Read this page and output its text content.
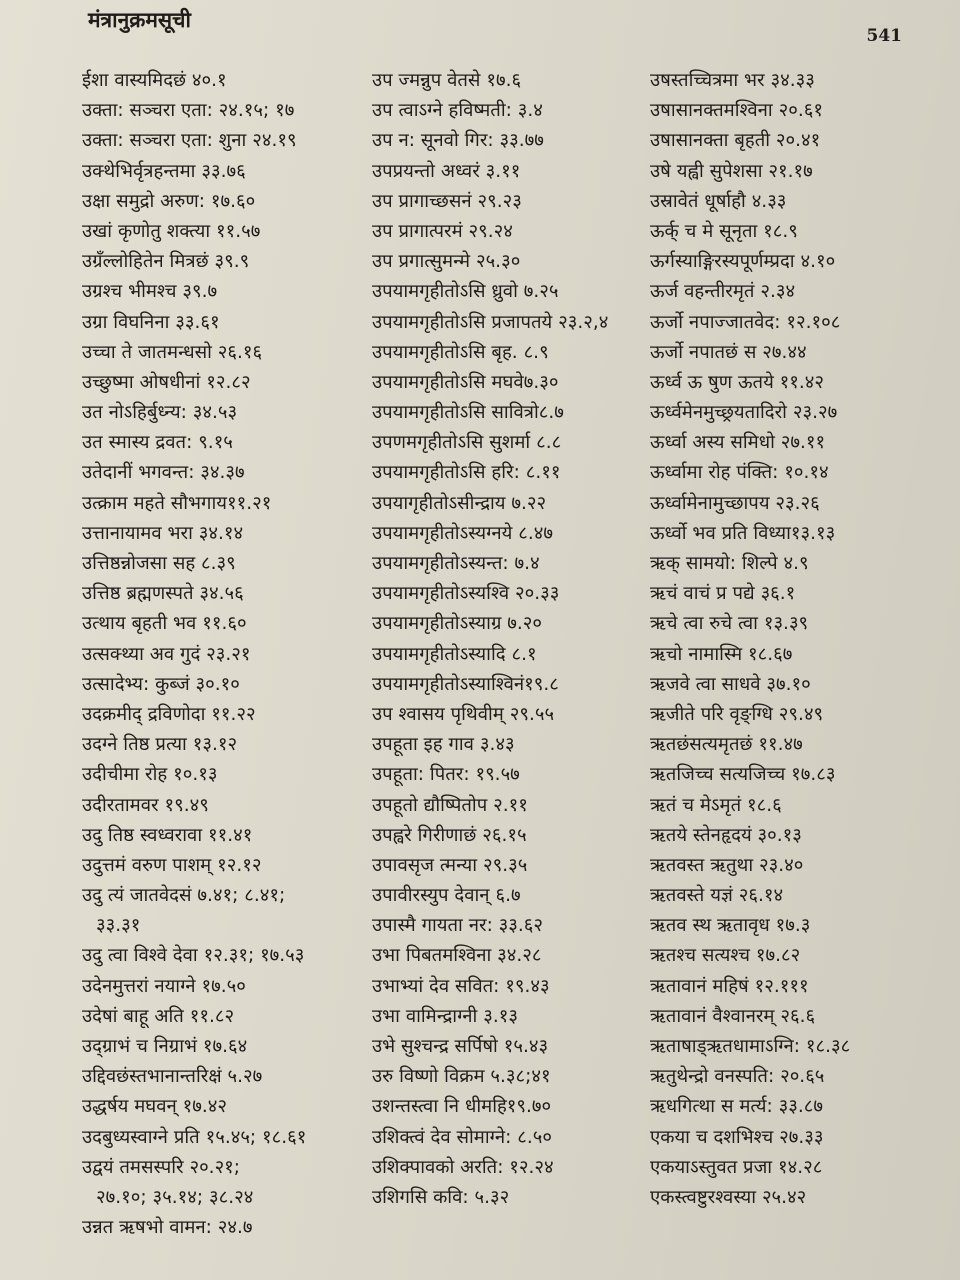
मंत्रानुक्रमसूची
541
ईशा वास्यमिदछं ४०.१
उक्ता: सञ्चरा एता: २४.१५; १७
उक्ता: सञ्चरा एता: शुना २४.१९
उक्थेभिर्वृत्रहन्तमा ३३.७६
उक्षा समुद्रो अरुण: १७.६०
उखां कृणोतु शक्त्या ११.५७
उग्रँल्लोहितेन मित्रछं ३९.९
उग्रश्च भीमश्च ३९.७
उग्रा विघनिना ३३.६१
उच्चा ते जातमन्धसो २६.१६
उच्छुष्मा ओषधीनां १२.८२
उत नोऽहिर्बुध्न्य: ३४.५३
उत स्मास्य द्रवत: ९.१५
उतेदानीं भगवन्त: ३४.३७
उत्क्राम महते सौभगाय११.२१
उत्तानायामव भरा ३४.१४
उत्तिष्ठन्नोजसा सह ८.३९
उत्तिष्ठ ब्रह्मणस्पते ३४.५६
उत्थाय बृहती भव ११.६०
उत्सक्थ्या अव गुदं २३.२१
उत्सादेभ्य: कुब्जं ३०.१०
उदक्रमीद् द्रविणोदा ११.२२
उदग्ने तिष्ठ प्रत्या १३.१२
उदीचीमा रोह १०.१३
उदीरतामवर १९.४९
उदु तिष्ठ स्वध्वरावा ११.४१
उदुत्तमं वरुण पाशम् १२.१२
उदु त्यं जातवेदसं ७.४१; ८.४१;
३३.३१
उदु त्वा विश्वे देवा १२.३१; १७.५३
उदेनमुत्तरां नयाग्ने १७.५०
उदेषां बाहू अति ११.८२
उद्ग्राभं च निग्राभं १७.६४
उद्दिवछंस्तभानान्तरिक्षं ५.२७
उद्धर्षय मघवन् १७.४२
उदबुध्यस्वाग्ने प्रति १५.४५; १८.६१
उद्वयं तमसस्परि २०.२१;
२७.१०; ३५.१४; ३८.२४
उन्नत ऋषभो वामन: २४.७
उप ज्मन्नुप वेतसे १७.६
उप त्वाऽग्ने हविष्मती: ३.४
उप न: सूनवो गिर: ३३.७७
उपप्रयन्तो अध्वरं ३.११
उप प्रागाच्छसनं २९.२३
उप प्रागात्परमं २९.२४
उप प्रगात्सुमन्मे २५.३०
उपयामगृहीतोऽसि ध्रुवो ७.२५
उपयामगृहीतोऽसि प्रजापतये २३.२,४
उपयामगृहीतोऽसि बृह. ८.९
उपयामगृहीतोऽसि मघवे७.३०
उपयामगृहीतोऽसि सावित्रो८.७
उपणमगृहीतोऽसि सुशर्मा ८.८
उपयामगृहीतोऽसि हरि: ८.११
उपयागृहीतोऽसीन्द्राय ७.२२
उपयामगृहीतोऽस्यग्नये ८.४७
उपयामगृहीतोऽस्यन्त: ७.४
उपयामगृहीतोऽस्यश्वि २०.३३
उपयामगृहीतोऽस्याग्र ७.२०
उपयामगृहीतोऽस्यादि ८.१
उपयामगृहीतोऽस्याश्विनं१९.८
उप श्वासय पृथिवीम् २९.५५
उपहूता इह गाव ३.४३
उपहूता: पितर: १९.५७
उपहूतो द्यौष्पितोप २.११
उपह्वरे गिरीणाछं २६.१५
उपावसृज त्मन्या २९.३५
उपावीरस्युप देवान् ६.७
उपास्मै गायता नर: ३३.६२
उभा पिबतमश्विना ३४.२८
उभाभ्यां देव सवित: १९.४३
उभा वामिन्द्राग्नी ३.१३
उभे सुश्चन्द्र सर्पिषो १५.४३
उरु विष्णो विक्रम ५.३८;४१
उशन्तस्त्वा नि धीमहि१९.७०
उशिक्त्वं देव सोमाग्ने: ८.५०
उशिक्पावको अरति: १२.२४
उशिगसि कवि: ५.३२
उषस्तच्चित्रमा भर ३४.३३
उषासानक्तमश्विना २०.६१
उषासानक्ता बृहती २०.४१
उषे यह्वी सुपेशसा २१.१७
उस्रावेतं धूर्षाहौ ४.३३
ऊर्क् च मे सूनृता १८.९
ऊर्गस्याङ्गिरस्यपूर्णम्प्रदा ४.१०
ऊर्ज वहन्तीरमृतं २.३४
ऊर्जो नपाज्जातवेद: १२.१०८
ऊर्जो नपातछं स २७.४४
ऊर्ध्व ऊ षुण ऊतये ११.४२
ऊर्ध्वमेनमुच्छ्रयतादिरो २३.२७
ऊर्ध्वा अस्य समिधो २७.११
ऊर्ध्वामा रोह पंक्ति: १०.१४
ऊर्ध्वामेनामुच्छापय २३.२६
ऊर्ध्वो भव प्रति विध्या१३.१३
ऋक् सामयो: शिल्पे ४.९
ऋचं वाचं प्र पद्ये ३६.१
ऋचे त्वा रुचे त्वा १३.३९
ऋचो नामास्मि १८.६७
ऋजवे त्वा साधवे ३७.१०
ऋजीते परि वृङ्ग्धि २९.४९
ऋतछंसत्यमृतछं ११.४७
ऋतजिच्च सत्यजिच्च १७.८३
ऋतं च मेऽमृतं १८.६
ऋतये स्तेनहृदयं ३०.१३
ऋतवस्त ऋतुथा २३.४०
ऋतवस्ते यज्ञं २६.१४
ऋतव स्थ ऋतावृध १७.३
ऋतश्च सत्यश्च १७.८२
ऋतावानं महिषं १२.१११
ऋतावानं वैश्वानरम् २६.६
ऋताषाड्ऋतधामाऽग्नि: १८.३८
ऋतुथेन्द्रो वनस्पति: २०.६५
ऋधगित्था स मर्त्य: ३३.८७
एकया च दशभिश्च २७.३३
एकयाऽस्तुवत प्रजा १४.२८
एकस्त्वष्टुरश्वस्या २५.४२
